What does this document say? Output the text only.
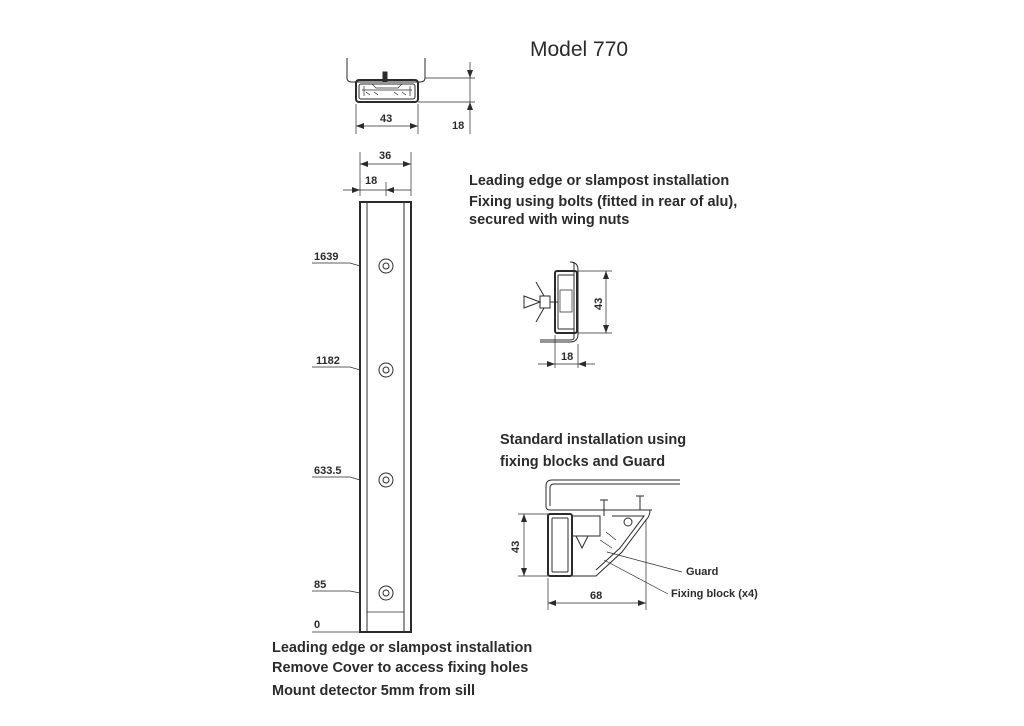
Model 770
18
43
36
18
1639
1182
633.5
85
0
Leading edge or slampost installation
Fixing using bolts (fitted in rear of alu),
secured with wing nuts
43
18
Standard installation using
fixing blocks and Guard
Guard
Fixing block (x4)
43
68
Leading edge or slampost installation
Remove Cover to access fixing holes
Mount detector 5mm from sill
